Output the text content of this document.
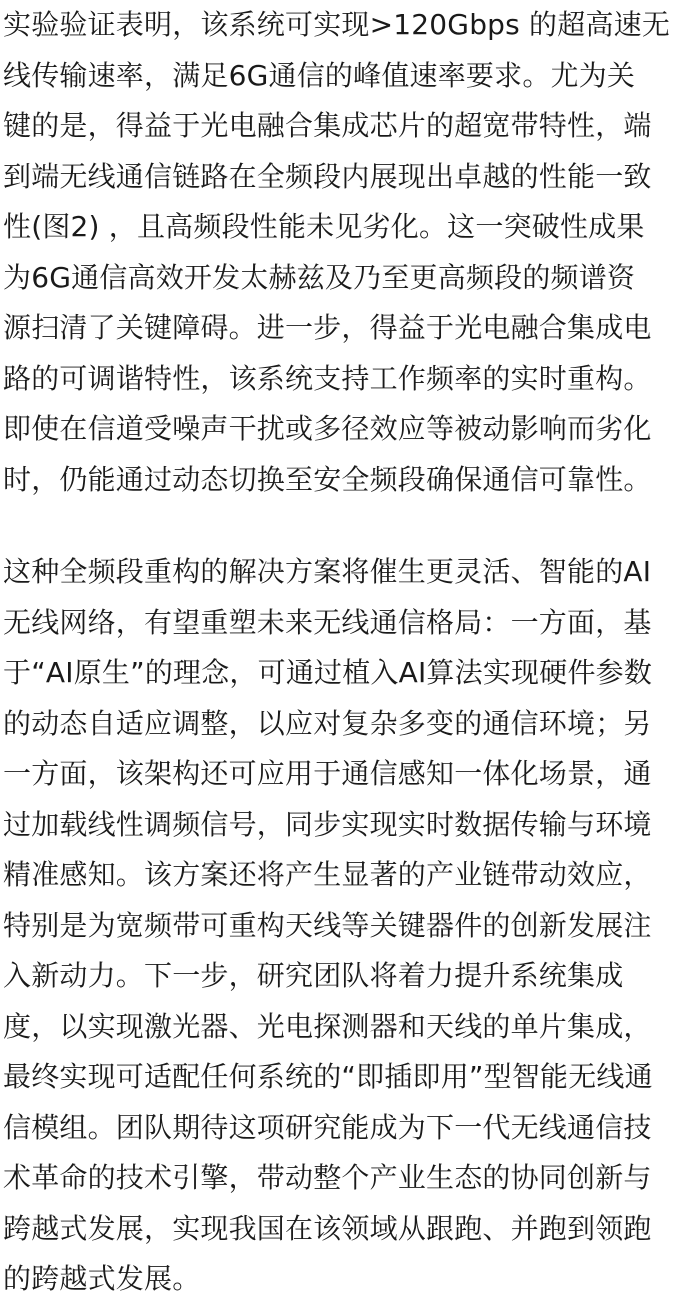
实验验证表明，该系统可实现>120Gbps 的超高速无
线传输速率，满足6G通信的峰值速率要求。尤为关
键的是，得益于光电融合集成芯片的超宽带特性，端
到端无线通信链路在全频段内展现出卓越的性能一致
性(图2) ，且高频段性能未见劣化。这一突破性成果
为6G通信高效开发太赫兹及乃至更高频段的频谱资
源扫清了关键障碍。进一步，得益于光电融合集成电
路的可调谐特性，该系统支持工作频率的实时重构。
即使在信道受噪声干扰或多径效应等被动影响而劣化
时，仍能通过动态切换至安全频段确保通信可靠性。
这种全频段重构的解决方案将催生更灵活、智能的AI
无线网络，有望重塑未来无线通信格局：一方面，基
于“AI原生”的理念，可通过植入AI算法实现硬件参数
的动态自适应调整，以应对复杂多变的通信环境；另
一方面，该架构还可应用于通信感知一体化场景，通
过加载线性调频信号，同步实现实时数据传输与环境
精准感知。该方案还将产生显著的产业链带动效应，
特别是为宽频带可重构天线等关键器件的创新发展注
入新动力。下一步，研究团队将着力提升系统集成
度，以实现激光器、光电探测器和天线的单片集成，
最终实现可适配任何系统的“即插即用”型智能无线通
信模组。团队期待这项研究能成为下一代无线通信技
术革命的技术引擎，带动整个产业生态的协同创新与
跨越式发展，实现我国在该领域从跟跑、并跑到领跑
的跨越式发展。
